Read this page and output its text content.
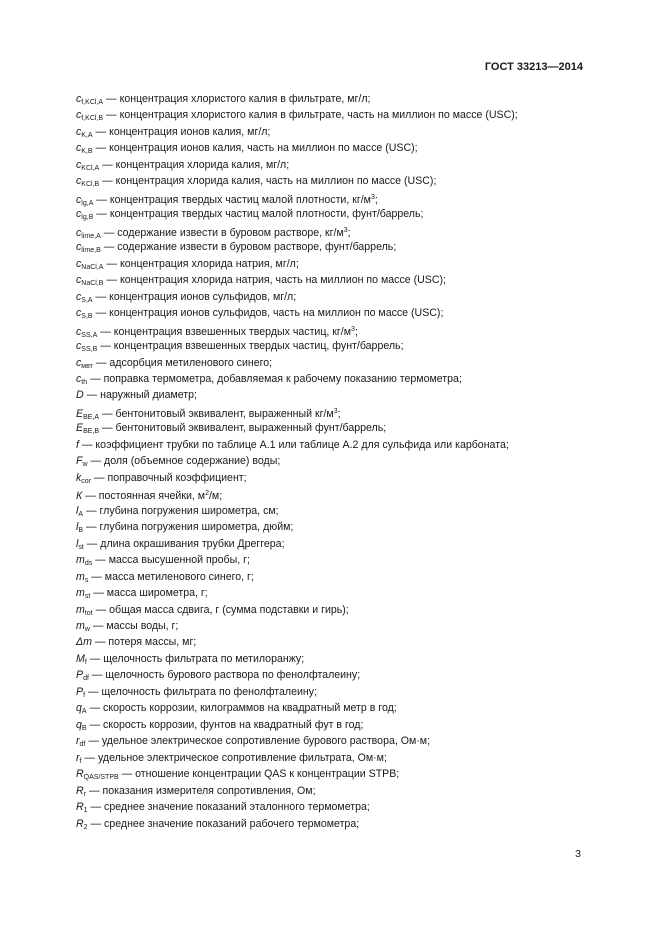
ГОСТ 33213—2014
$c_{f,KCl,A}$ — концентрация хлористого калия в фильтрате, мг/л;
$c_{f,KCl,B}$ — концентрация хлористого калия в фильтрате, часть на миллион по массе (USC);
$c_{K,A}$ — концентрация ионов калия, мг/л;
$c_{K,B}$ — концентрация ионов калия, часть на миллион по массе (USC);
$c_{KCl,A}$ — концентрация хлорида калия, мг/л;
$c_{KCl,B}$ — концентрация хлорида калия, часть на миллион по массе (USC);
$c_{lg,A}$ — концентрация твердых частиц малой плотности, $кг/м^3$;
$c_{lg,B}$ — концентрация твердых частиц малой плотности, фунт/баррель;
$c_{lime,A}$ — содержание извести в буровом растворе, $кг/м^3$;
$c_{lime,B}$ — содержание извести в буровом растворе, фунт/баррель;
$c_{NaCl,A}$ — концентрация хлорида натрия, мг/л;
$c_{NaCl,B}$ — концентрация хлорида натрия, часть на миллион по массе (USC);
$c_{S,A}$ — концентрация ионов сульфидов, мг/л;
$c_{S,B}$ — концентрация ионов сульфидов, часть на миллион по массе (USC);
$c_{SS,A}$ — концентрация взвешенных твердых частиц, $кг/м^3$;
$c_{SS,B}$ — концентрация взвешенных твердых частиц, фунт/баррель;
$c_{мвт}$ — адсорбция метиленового синего;
$c_{th}$ — поправка термометра, добавляемая к рабочему показанию термометра;
D — наружный диаметр;
$E_{BE,A}$ — бентонитовый эквивалент, выраженный $кг/м^3$;
$E_{BE,B}$ — бентонитовый эквивалент, выраженный фунт/баррель;
f — коэффициент трубки по таблице А.1 или таблице А.2 для сульфида или карбоната;
$F_w$ — доля (объемное содержание) воды;
$k_{cor}$ — поправочный коэффициент;
К — постоянная ячейки, $м^2/м$;
$l_A$ — глубина погружения широметра, см;
$l_B$ — глубина погружения широметра, дюйм;
$l_{st}$ — длина окрашивания трубки Дреггера;
$m_{ds}$ — масса высушенной пробы, г;
$m_s$ — масса метиленового синего, г;
$m_{st}$ — масса широметра, г;
$m_{tot}$ — общая масса сдвига, г (сумма подставки и гирь);
$m_w$ — массы воды, г;
Δm — потеря массы, мг;
$M_f$ — щелочность фильтрата по метилоранжу;
$P_{df}$ — щелочность бурового раствора по фенолфталеину;
$P_f$ — щелочность фильтрата по фенолфталеину;
$q_A$ — скорость коррозии, килограммов на квадратный метр в год;
$q_B$ — скорость коррозии, фунтов на квадратный фут в год;
$r_{df}$ — удельное электрическое сопротивление бурового раствора, Ом·м;
$r_f$ — удельное электрическое сопротивление фильтрата, Ом·м;
$R_{QAS/STPB}$ — отношение концентрации QAS к концентрации STPB;
$R_r$ — показания измерителя сопротивления, Ом;
$R_1$ — среднее значение показаний эталонного термометра;
$R_2$ — среднее значение показаний рабочего термометра;
3
